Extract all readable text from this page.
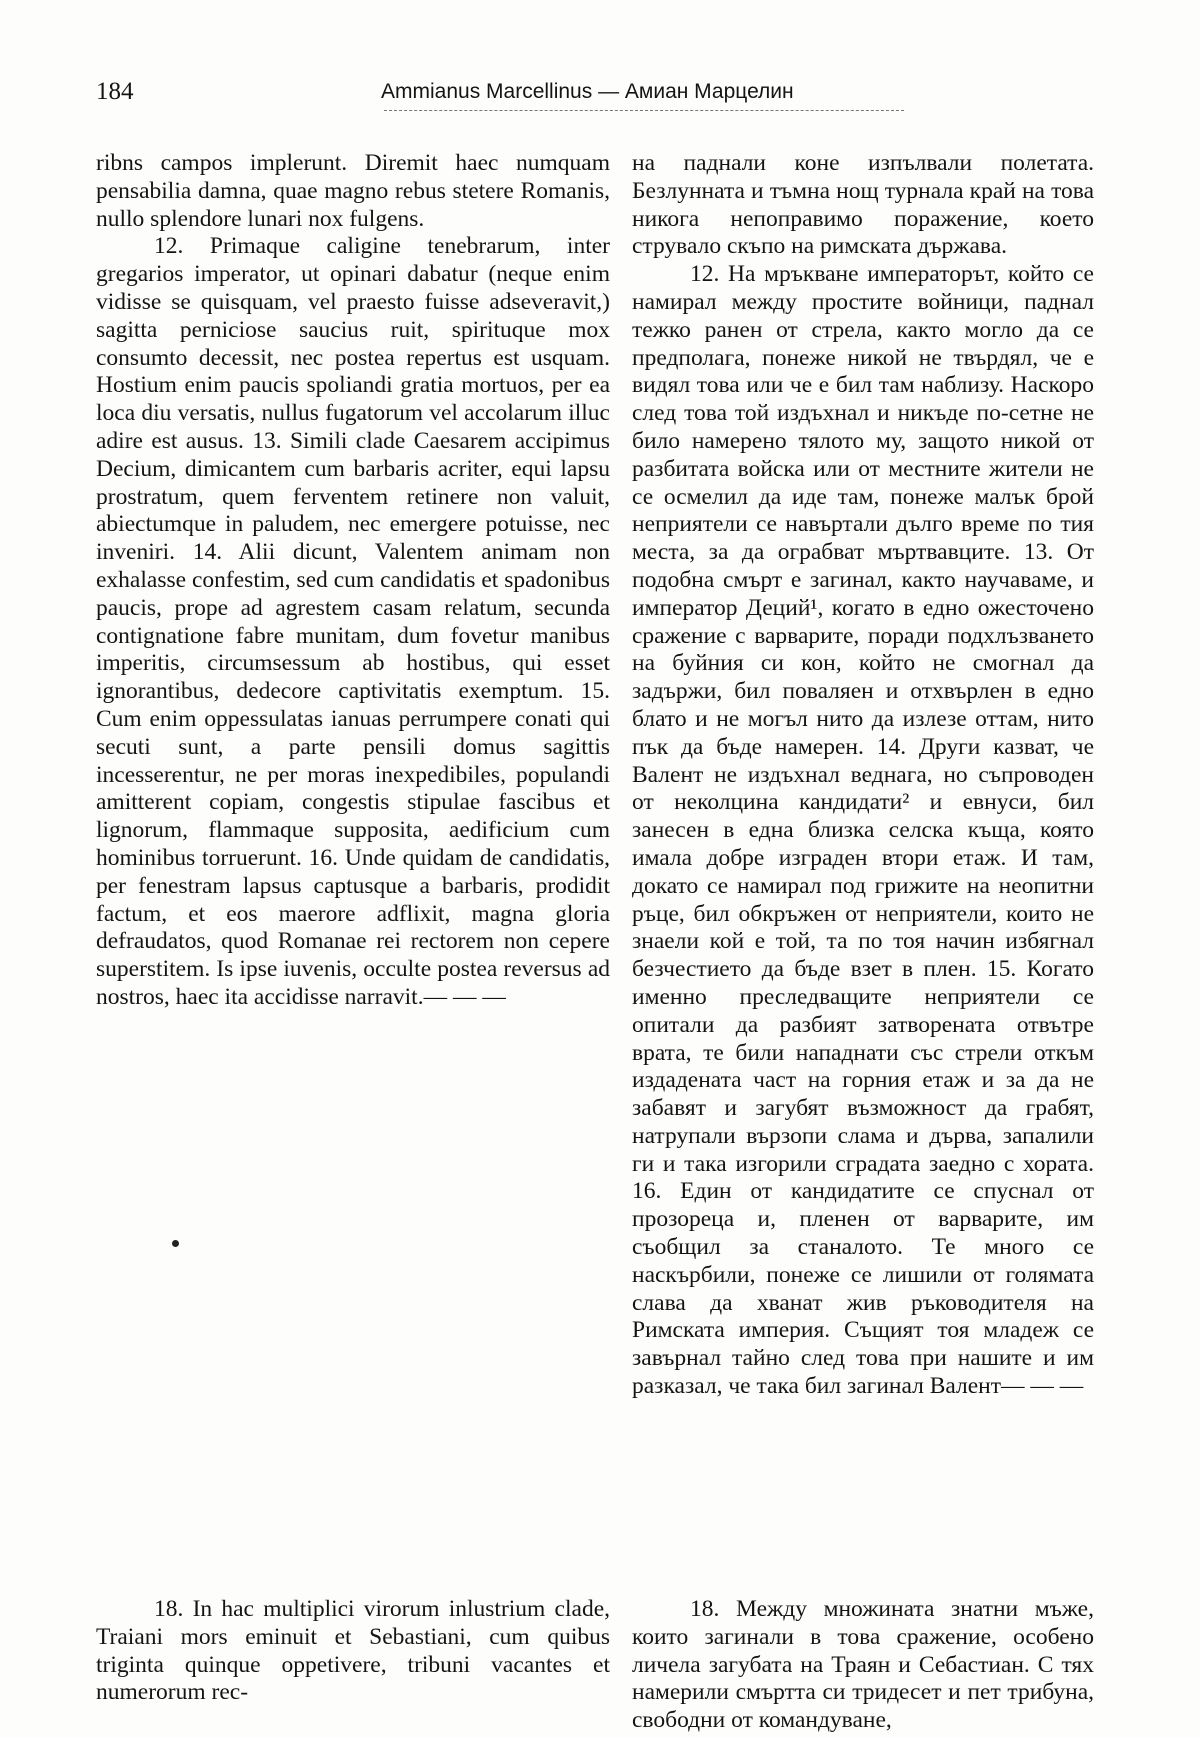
184	Ammianus Marcellinus — Амиан Марцелин

ribns campos implerunt. Diremit haec numquam pensabilia damna, quae magno rebus stetere Romanis, nullo splendore lunari nox fulgens.

12. Primaque caligine tenebrarum, inter gregarios imperator, ut opinari dabatur (neque enim vidisse se quisquam, vel praesto fuisse adseveravit,) sagitta perniciose saucius ruit, spirituque mox consumto decessit, nec postea repertus est usquam. Hostium enim paucis spoliandi gratia mortuos, per ea loca diu versatis, nullus fugatorum vel accolarum illuc adire est ausus. 13. Simili clade Caesarem accipimus Decium, dimicantem cum barbaris acriter, equi lapsu prostratum, quem ferventem retinere non valuit, abiectumque in paludem, nec emergere potuisse, nec inveniri. 14. Alii dicunt, Valentem animam non exhalasse confestim, sed cum candidatis et spadonibus paucis, prope ad agrestem casam relatum, secunda contignatione fabre munitam, dum fovetur manibus imperitis, circumsessum ab hostibus, qui esset ignorantibus, dedecore captivitatis exemptum. 15. Cum enim oppessulatas ianuas perrumpere conati qui secuti sunt, a parte pensili domus sagittis incesserentur, ne per moras inexpedibiles, populandi amitterent copiam, congestis stipulae fascibus et lignorum, flammaque supposita, aedificium cum hominibus torruerunt. 16. Unde quidam de candidatis, per fenestram lapsus captusque a barbaris, prodidit factum, et eos maerore adflixit, magna gloria defraudatos, quod Romanae rei rectorem non cepere superstitem. Is ipse iuvenis, occulte postea reversus ad nostros, haec ita accidisse narravit.— — —

на паднали коне изпълвали полетата. Безлунната и тъмна нощ турнала край на това никога непоправимо поражение, което струвало скъпо на римската държава.

12. На мръкване императорът, който се намирал между простите войници, паднал тежко ранен от стрела, както могло да се предполага, понеже никой не твърдял, че е видял това или че е бил там наблизу. Наскоро след това той издъхнал и никъде по-сетне не било намерено тялото му, защото никой от разбитата войска или от местните жители не се осмелил да иде там, понеже малък брой неприятели се навъртали дълго време по тия места, за да ограбват мъртвавците. 13. От подобна смърт е загинал, както научаваме, и император Деций¹, когато в едно ожесточено сражение с варварите, поради подхлъзването на буйния си кон, който не смогнал да задържи, бил поваляен и отхвърлен в едно блато и не могъл нито да излезе оттам, нито пък да бъде намерен. 14. Други казват, че Валент не издъхнал веднага, но съпроводен от неколцина кандидати² и евнуси, бил занесен в една близка селска къща, която имала добре изграден втори етаж. И там, докато се намирал под грижите на неопитни ръце, бил обкръжен от неприятели, които не знаели кой е той, та по тоя начин избягнал безчестието да бъде взет в плен. 15. Когато именно преследващите неприятели се опитали да разбият затворената отвътре врата, те били нападнати със стрели откъм издадената част на горния етаж и за да не забавят и загубят възможност да грабят, натрупали вързопи слама и дърва, запалили ги и така изгорили сградата заедно с хората. 16. Един от кандидатите се спуснал от прозореца и, пленен от варварите, им съобщил за станалото. Те много се наскърбили, понеже се лишили от голямата слава да хванат жив ръководителя на Римската империя. Същият тоя младеж се завърнал тайно след това при нашите и им разказал, че така бил загинал Валент— — —

18. In hac multiplici virorum inlustrium clade, Traiani mors eminuit et Sebastiani, cum quibus triginta quinque oppetivere, tribuni vacantes et numerorum rec-

18. Между множината знатни мъже, които загинали в това сражение, особено личела загубата на Траян и Себастиан. С тях намерили смъртта си тридесет и пет трибуна, свободни от командуване,
